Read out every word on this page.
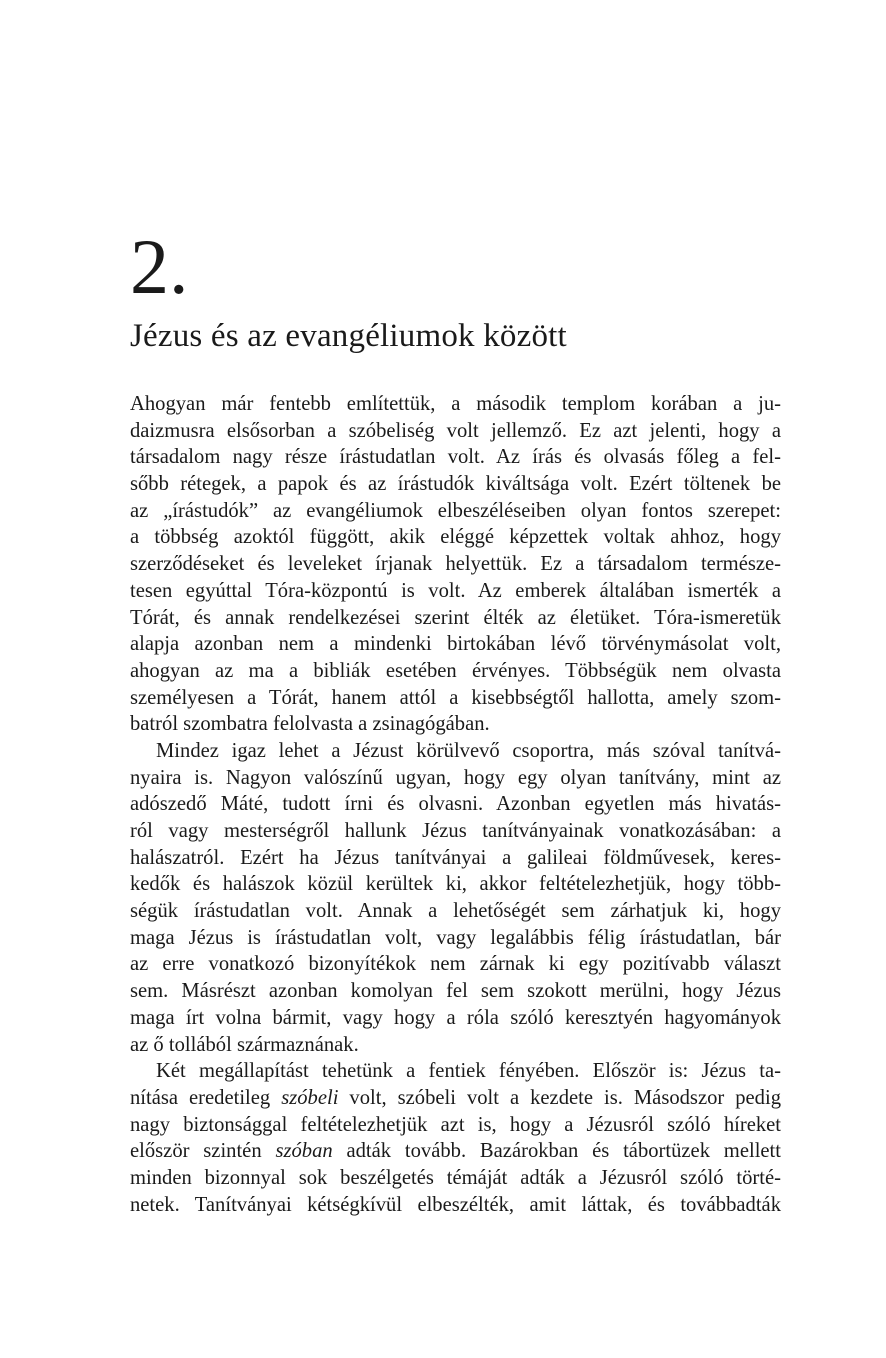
2.
Jézus és az evangéliumok között

Ahogyan már fentebb említettük, a második templom korában a ju-
daizmusra elsősorban a szóbeliség volt jellemző. Ez azt jelenti, hogy a
társadalom nagy része írástudatlan volt. Az írás és olvasás főleg a fel-
sőbb rétegek, a papok és az írástudók kiváltsága volt. Ezért töltenek be
az „írástudók” az evangéliumok elbeszéléseiben olyan fontos szerepet:
a többség azoktól függött, akik eléggé képzettek voltak ahhoz, hogy
szerződéseket és leveleket írjanak helyettük. Ez a társadalom természe-
tesen egyúttal Tóra-központú is volt. Az emberek általában ismerték a
Tórát, és annak rendelkezései szerint élték az életüket. Tóra-ismeretük
alapja azonban nem a mindenki birtokában lévő törvénymásolat volt,
ahogyan az ma a bibliák esetében érvényes. Többségük nem olvasta
személyesen a Tórát, hanem attól a kisebbségtől hallotta, amely szom-
batról szombatra felolvasta a zsinagógában.

Mindez igaz lehet a Jézust körülvevő csoportra, más szóval tanítvá-
nyaira is. Nagyon valószínű ugyan, hogy egy olyan tanítvány, mint az
adószedő Máté, tudott írni és olvasni. Azonban egyetlen más hivatás-
ról vagy mesterségről hallunk Jézus tanítványainak vonatkozásában: a
halászatról. Ezért ha Jézus tanítványai a galileai földművesek, keres-
kedők és halászok közül kerültek ki, akkor feltételezhetjük, hogy több-
ségük írástudatlan volt. Annak a lehetőségét sem zárhatjuk ki, hogy
maga Jézus is írástudatlan volt, vagy legalábbis félig írástudatlan, bár
az erre vonatkozó bizonyítékok nem zárnak ki egy pozitívabb választ
sem. Másrészt azonban komolyan fel sem szokott merülni, hogy Jézus
maga írt volna bármit, vagy hogy a róla szóló keresztyén hagyományok
az ő tollából származnának.

Két megállapítást tehetünk a fentiek fényében. Először is: Jézus ta-
nítása eredetileg szóbeli volt, szóbeli volt a kezdete is. Másodszor pedig
nagy biztonsággal feltételezhetjük azt is, hogy a Jézusról szóló híreket
először szintén szóban adták tovább. Bazárokban és tábortüzek mellett
minden bizonnyal sok beszélgetés témáját adták a Jézusról szóló törté-
netek. Tanítványai kétségkívül elbeszélték, amit láttak, és továbbadták
